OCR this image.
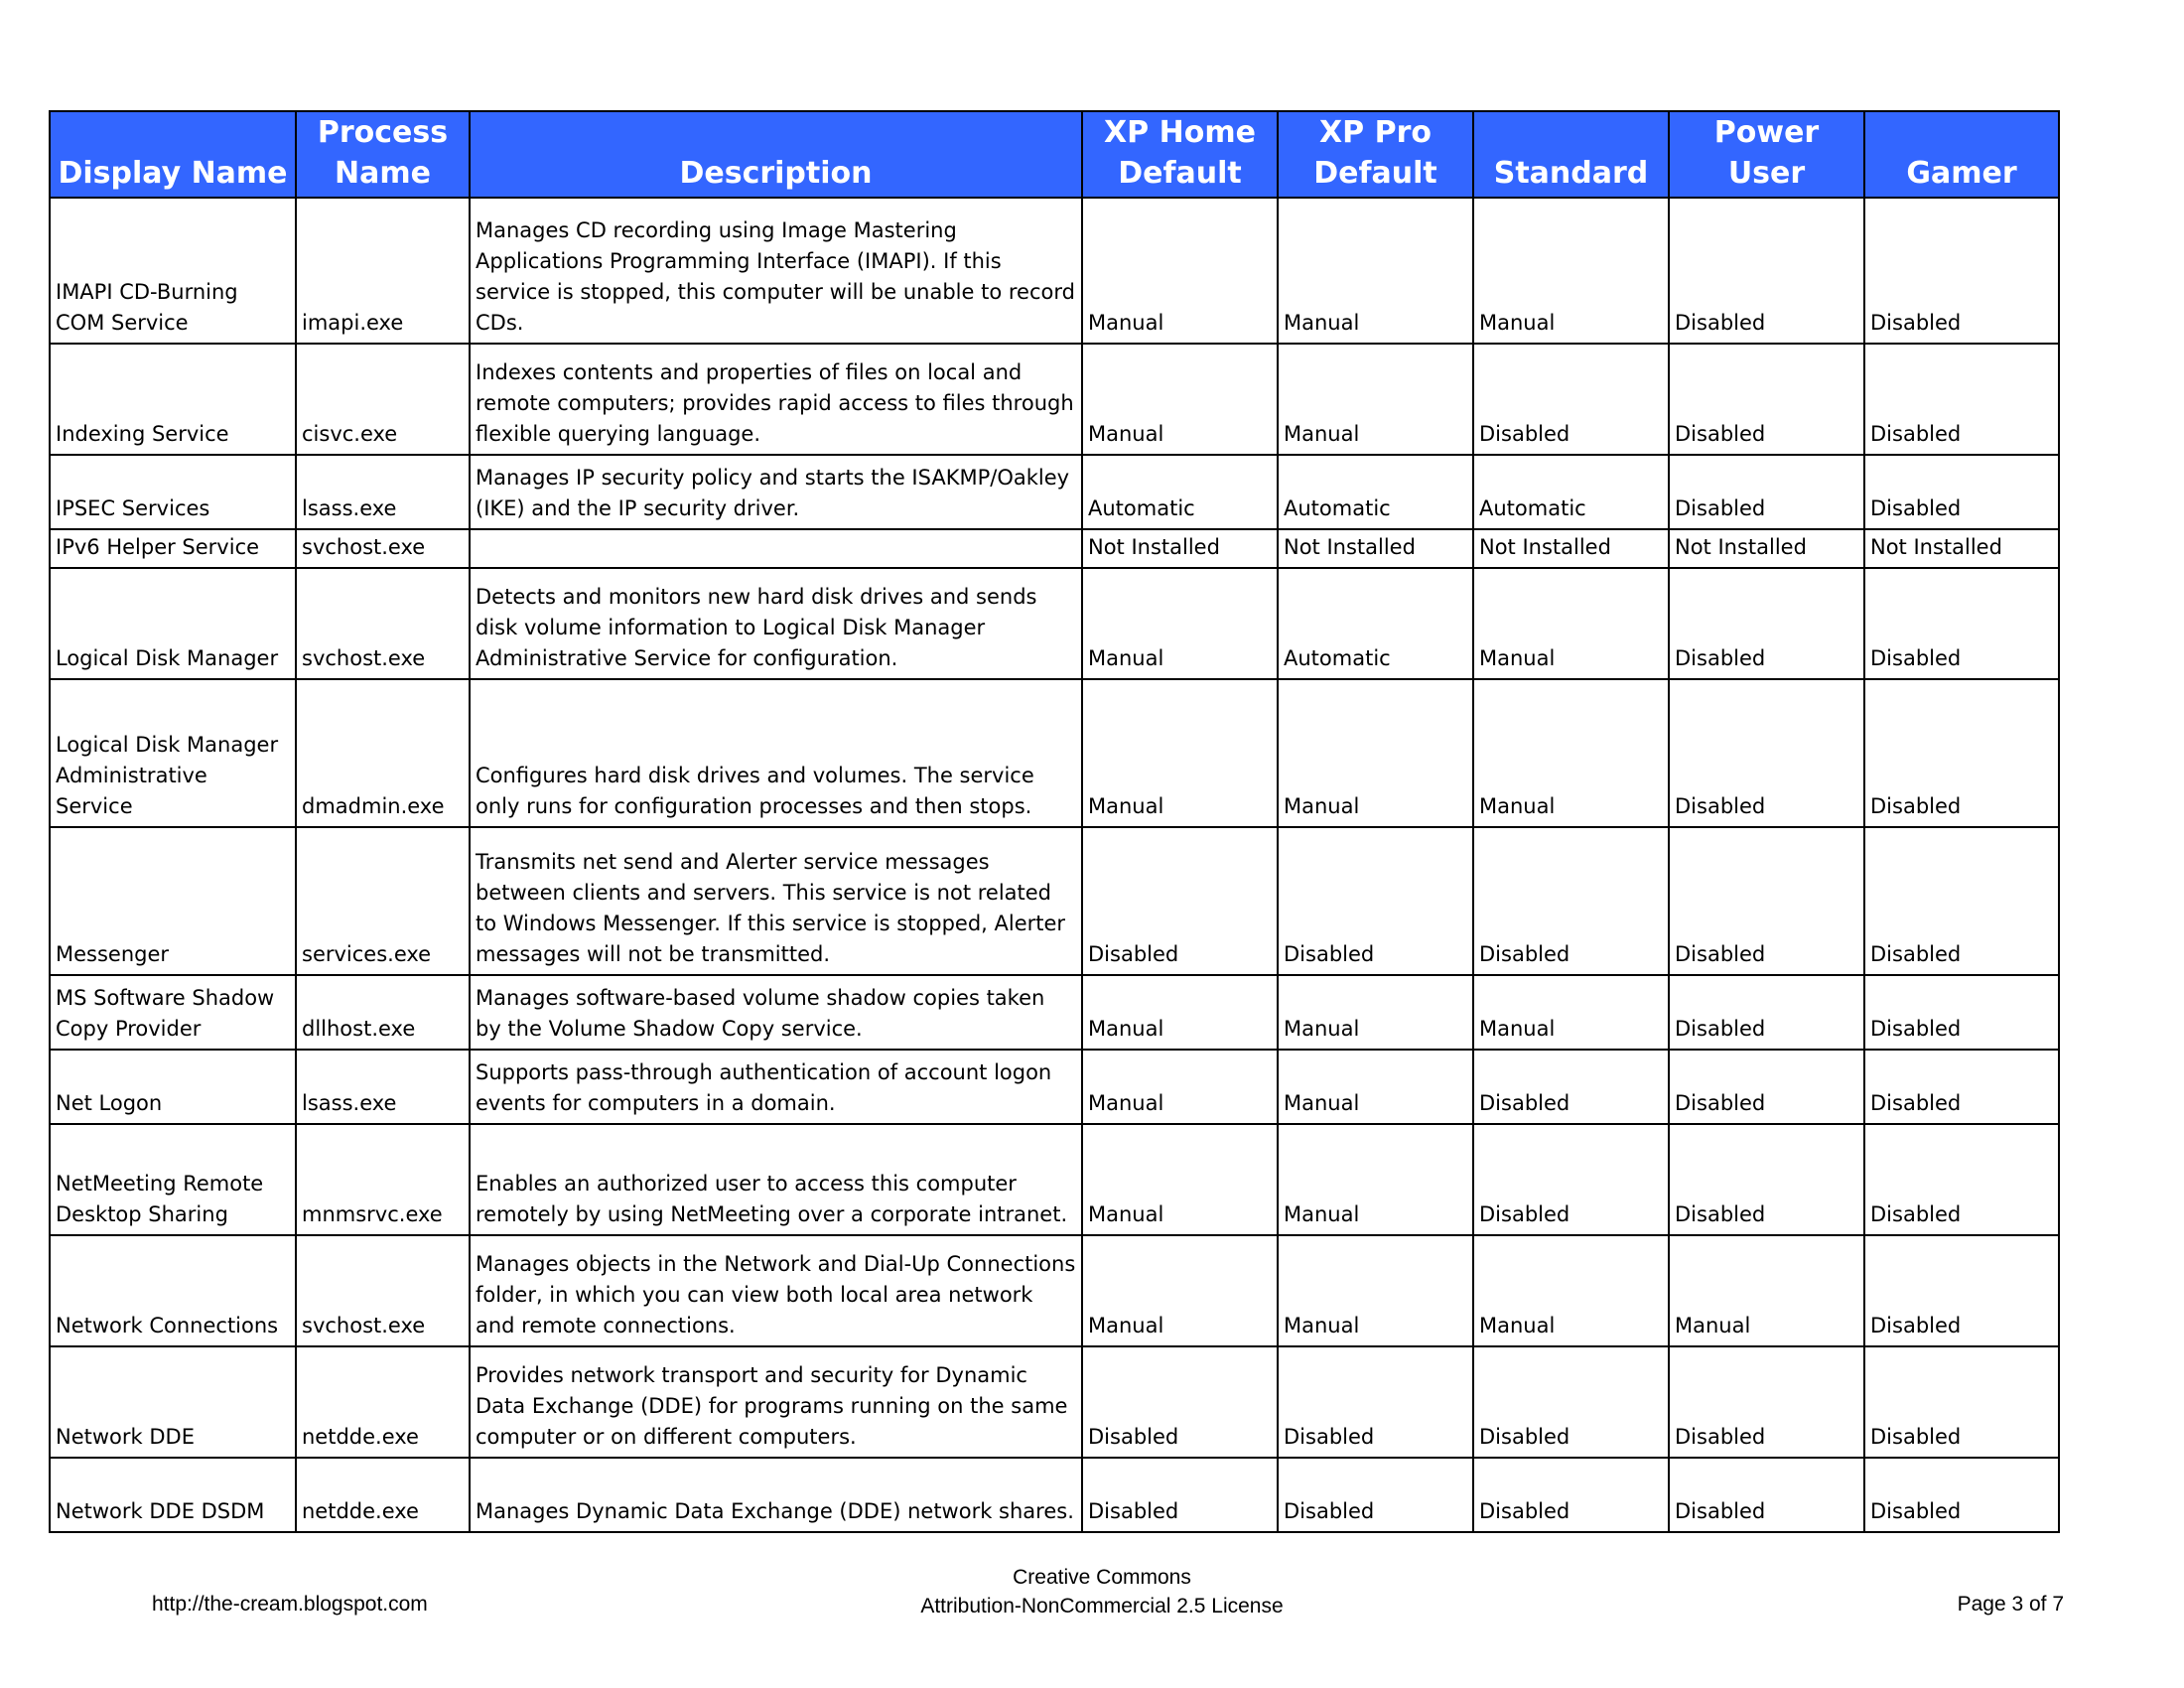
Display Name	Process Name	Description	XP Home Default	XP Pro Default	Standard	Power User	Gamer
IMAPI CD-Burning COM Service	imapi.exe	Manages CD recording using Image Mastering Applications Programming Interface (IMAPI). If this service is stopped, this computer will be unable to record CDs.	Manual	Manual	Manual	Disabled	Disabled
Indexing Service	cisvc.exe	Indexes contents and properties of files on local and remote computers; provides rapid access to files through flexible querying language.	Manual	Manual	Disabled	Disabled	Disabled
IPSEC Services	lsass.exe	Manages IP security policy and starts the ISAKMP/Oakley (IKE) and the IP security driver.	Automatic	Automatic	Automatic	Disabled	Disabled
IPv6 Helper Service	svchost.exe		Not Installed	Not Installed	Not Installed	Not Installed	Not Installed
Logical Disk Manager	svchost.exe	Detects and monitors new hard disk drives and sends disk volume information to Logical Disk Manager Administrative Service for configuration.	Manual	Automatic	Manual	Disabled	Disabled
Logical Disk Manager Administrative Service	dmadmin.exe	Configures hard disk drives and volumes. The service only runs for configuration processes and then stops.	Manual	Manual	Manual	Disabled	Disabled
Messenger	services.exe	Transmits net send and Alerter service messages between clients and servers. This service is not related to Windows Messenger. If this service is stopped, Alerter messages will not be transmitted.	Disabled	Disabled	Disabled	Disabled	Disabled
MS Software Shadow Copy Provider	dllhost.exe	Manages software-based volume shadow copies taken by the Volume Shadow Copy service.	Manual	Manual	Manual	Disabled	Disabled
Net Logon	lsass.exe	Supports pass-through authentication of account logon events for computers in a domain.	Manual	Manual	Disabled	Disabled	Disabled
NetMeeting Remote Desktop Sharing	mnmsrvc.exe	Enables an authorized user to access this computer remotely by using NetMeeting over a corporate intranet.	Manual	Manual	Disabled	Disabled	Disabled
Network Connections	svchost.exe	Manages objects in the Network and Dial-Up Connections folder, in which you can view both local area network and remote connections.	Manual	Manual	Manual	Manual	Disabled
Network DDE	netdde.exe	Provides network transport and security for Dynamic Data Exchange (DDE) for programs running on the same computer or on different computers.	Disabled	Disabled	Disabled	Disabled	Disabled
Network DDE DSDM	netdde.exe	Manages Dynamic Data Exchange (DDE) network shares.	Disabled	Disabled	Disabled	Disabled	Disabled
http://the-cream.blogspot.com
Creative Commons
Attribution-NonCommercial 2.5 License	Page 3 of 7
